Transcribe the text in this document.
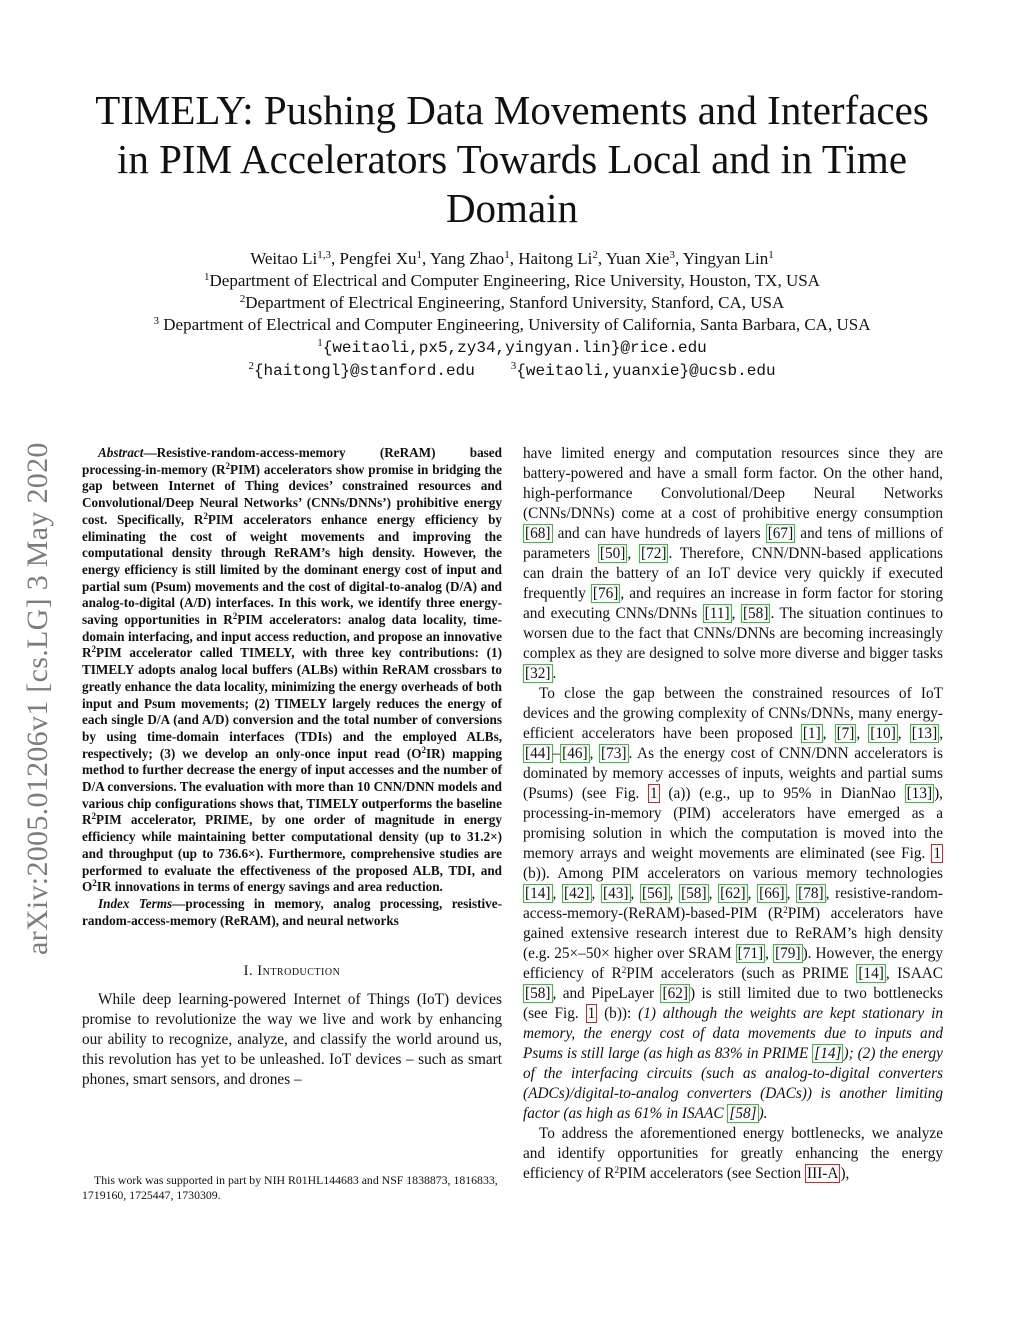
TIMELY: Pushing Data Movements and Interfaces in PIM Accelerators Towards Local and in Time Domain
Weitao Li$^{1,3}$, Pengfei Xu$^1$, Yang Zhao$^1$, Haitong Li$^2$, Yuan Xie$^3$, Yingyan Lin$^1$
$^1$Department of Electrical and Computer Engineering, Rice University, Houston, TX, USA
$^2$Department of Electrical Engineering, Stanford University, Stanford, CA, USA
$^3$ Department of Electrical and Computer Engineering, University of California, Santa Barbara, CA, USA
$^1${weitaoli,px5,zy34,yingyan.lin}@rice.edu
$^2${haitongl}@stanford.edu	$^3${weitaoli,yuanxie}@ucsb.edu
arXiv:2005.01206v1 [cs.LG] 3 May 2020	Abstract—Resistive-random-access-memory (ReRAM) based processing-in-memory $(R^2PIM)$ accelerators show promise in bridging the gap between Internet of Thing devices’ constrained resources and Convolutional/Deep Neural Networks’ (CNNs/DNNs’) prohibitive energy cost. Specifically, $R^2PIM$ accelerators enhance energy efficiency by eliminating the cost of weight movements and improving the computational density through ReRAM’s high density. However, the energy efficiency is still limited by the dominant energy cost of input and partial sum (Psum) movements and the cost of digital-to-analog (D/A) and analog-to-digital (A/D) interfaces. In this work, we identify three energy-saving opportunities in $R^2PIM$ accelerators: analog data locality, time-domain interfacing, and input access reduction, and propose an innovative $R^2PIM$ accelerator called TIMELY, with three key contributions: (1) TIMELY adopts analog local buffers (ALBs) within ReRAM crossbars to greatly enhance the data locality, minimizing the energy overheads of both input and Psum movements; (2) TIMELY largely reduces the energy of each single D/A (and A/D) conversion and the total number of conversions by using time-domain interfaces (TDIs) and the employed ALBs, respectively; (3) we develop an only-once input read $(O^2IR)$ mapping method to further decrease the energy of input accesses and the number of D/A conversions. The evaluation with more than 10 CNN/DNN models and various chip configurations shows that, TIMELY outperforms the baseline $R^2PIM$ accelerator, PRIME, by one order of magnitude in energy efficiency while maintaining better computational density (up to 31.2×) and throughput (up to 736.6×). Furthermore, comprehensive studies are performed to evaluate the effectiveness of the proposed ALB, TDI, and $O^2IR$ innovations in terms of energy savings and area reduction.

Index Terms—processing in memory, analog processing, resistive-random-access-memory (ReRAM), and neural networks

I. Introduction

While deep learning-powered Internet of Things (IoT) devices promise to revolutionize the way we live and work by enhancing our ability to recognize, analyze, and classify the world around us, this revolution has yet to be unleashed. IoT devices – such as smart phones, smart sensors, and drones –

This work was supported in part by NIH R01HL144683 and NSF 1838873, 1816833, 1719160, 1725447, 1730309.

have limited energy and computation resources since they are battery-powered and have a small form factor. On the other hand, high-performance Convolutional/Deep Neural Networks (CNNs/DNNs) come at a cost of prohibitive energy consumption [68] and can have hundreds of layers [67] and tens of millions of parameters [50] , [72] . Therefore, CNN/DNN-based applications can drain the battery of an IoT device very quickly if executed frequently [76] , and requires an increase in form factor for storing and executing CNNs/DNNs [11] , [58] . The situation continues to worsen due to the fact that CNNs/DNNs are becoming increasingly complex as they are designed to solve more diverse and bigger tasks [32] .

To close the gap between the constrained resources of IoT devices and the growing complexity of CNNs/DNNs, many energy-efficient accelerators have been proposed [1] , [7] , [10] , [13] , [44] – [46] , [73] . As the energy cost of CNN/DNN accelerators is dominated by memory accesses of inputs, weights and partial sums (Psums) (see Fig. 1 (a)) (e.g., up to 95% in DianNao [13] ), processing-in-memory (PIM) accelerators have emerged as a promising solution in which the computation is moved into the memory arrays and weight movements are eliminated (see Fig. 1 (b)). Among PIM accelerators on various memory technologies [14] , [42] , [43] , [56] , [58] , [62] , [66] , [78] , resistive-random-access-memory-(ReRAM)-based-PIM $(R^2PIM)$ accelerators have gained extensive research interest due to ReRAM’s high density (e.g. 25×–50× higher over SRAM [71] , [79] ). However, the energy efficiency of $R^2PIM$ accelerators (such as PRIME [14] , ISAAC [58] , and PipeLayer [62] ) is still limited due to two bottlenecks (see Fig. 1 (b)): (1) although the weights are kept stationary in memory, the energy cost of data movements due to inputs and Psums is still large (as high as 83% in PRIME [14] ); (2) the energy of the interfacing circuits (such as analog-to-digital converters (ADCs)/digital-to-analog converters (DACs)) is another limiting factor (as high as 61% in ISAAC [58] ).

To address the aforementioned energy bottlenecks, we analyze and identify opportunities for greatly enhancing the energy efficiency of $R^2PIM$ accelerators (see Section III-A ),
